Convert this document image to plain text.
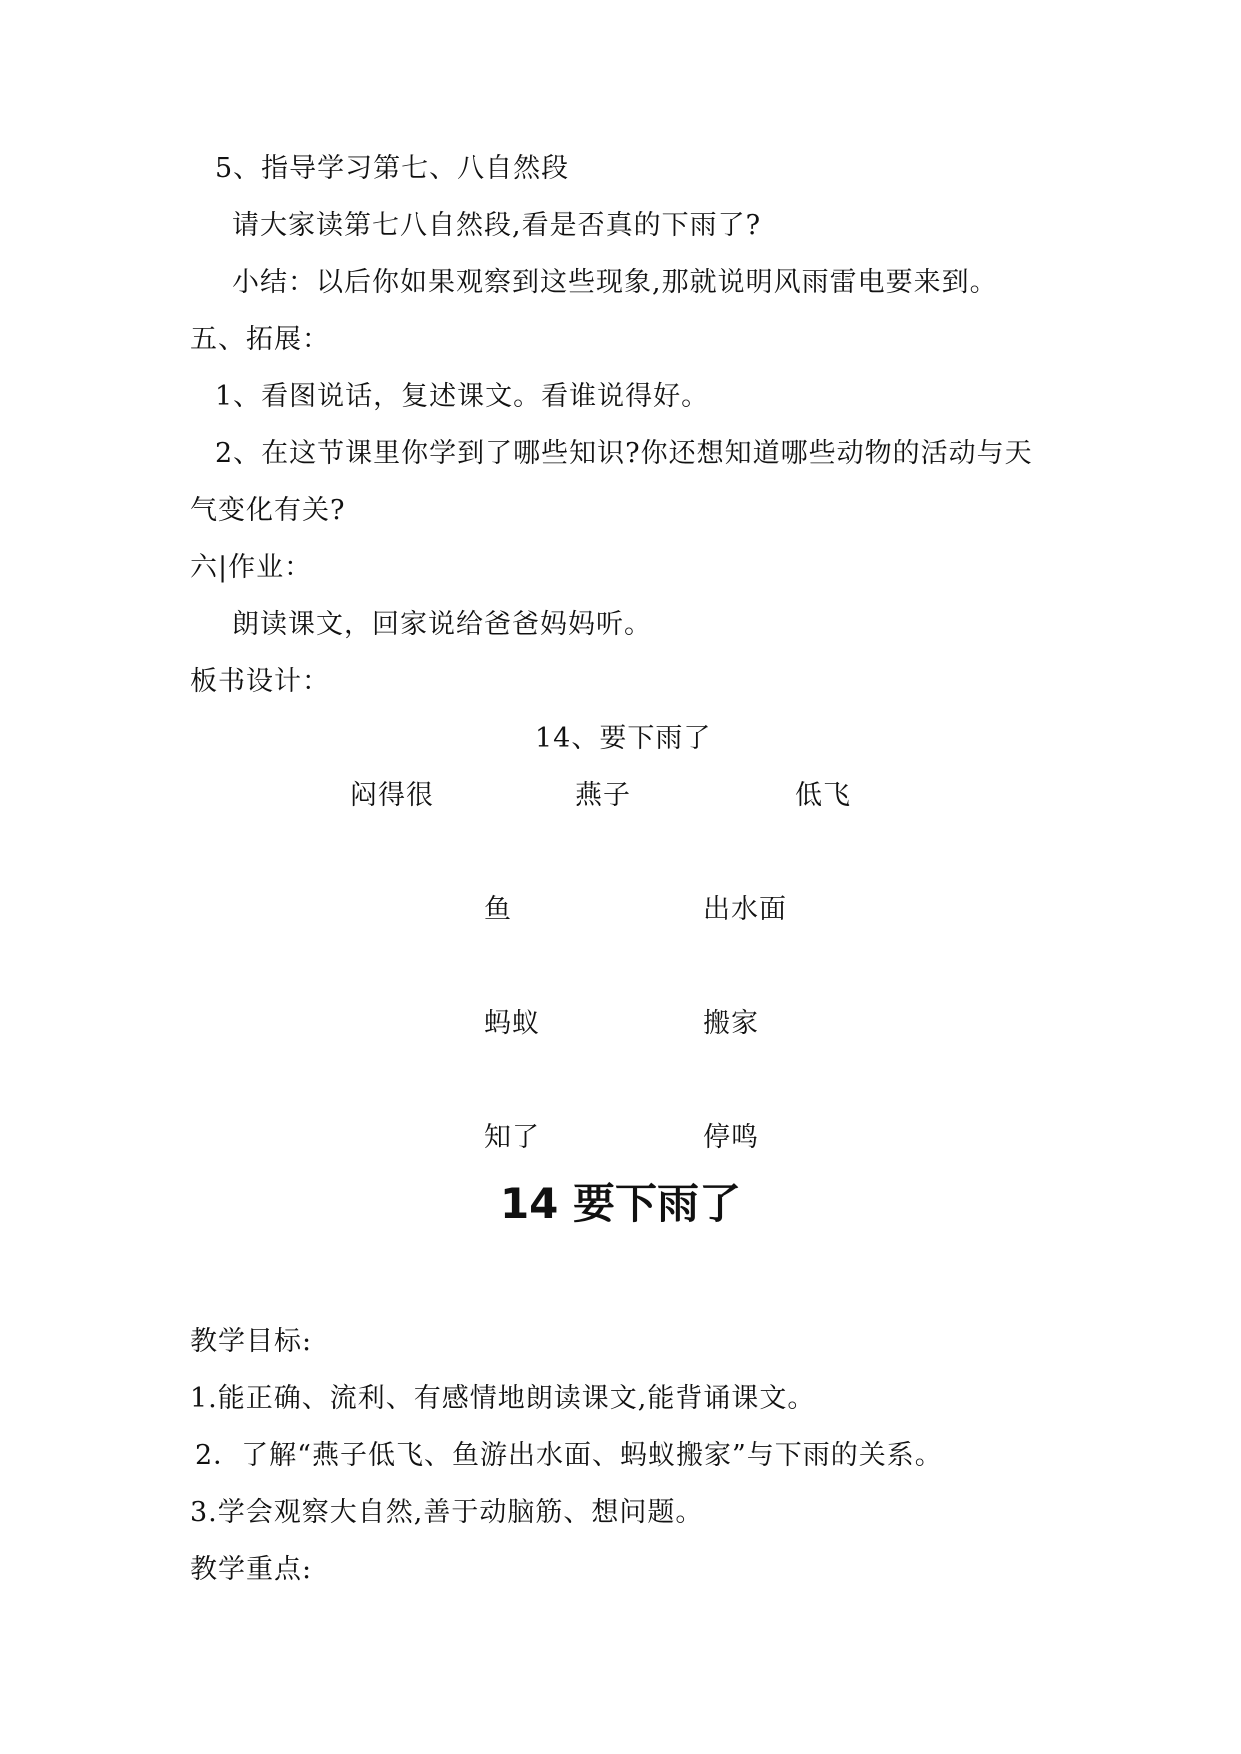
5、指导学习第七、八自然段
请大家读第七八自然段,看是否真的下雨了?
小结：以后你如果观察到这些现象,那就说明风雨雷电要来到。
五、拓展：
1、看图说话，复述课文。看谁说得好。
2、在这节课里你学到了哪些知识?你还想知道哪些动物的活动与天
气变化有关?
六|作业：
朗读课文，回家说给爸爸妈妈听。
板书设计：
14、要下雨了
闷得很	燕子	低飞
鱼	出水面
蚂蚁	搬家
知了	停鸣
14 要下雨了
教学目标:
1.能正确、流利、有感情地朗读课文,能背诵课文。
2．了解“燕子低飞、鱼游出水面、蚂蚁搬家”与下雨的关系。
3.学会观察大自然,善于动脑筋、想问题。
教学重点:
